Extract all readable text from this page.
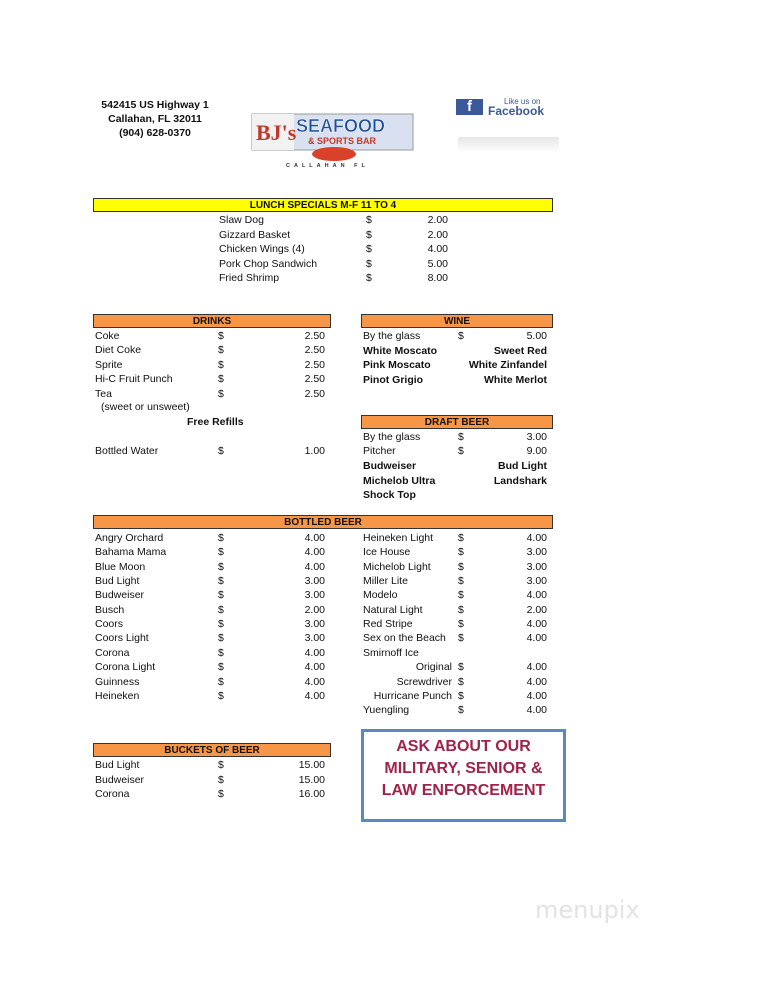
542415 US Highway 1
Callahan, FL 32011
(904) 628-0370	BJ's SEAFOOD
& SPORTS BAR
CALLAHAN FL
f	Like us on
Facebook
LUNCH SPECIALS M-F 11 TO 4
Slaw Dog	$	2.00
Gizzard Basket	$	2.00
Chicken Wings (4)	$	4.00
Pork Chop Sandwich	$	5.00
Fried Shrimp	$	8.00
DRINKS
Coke	$	2.50
Diet Coke	$	2.50
Sprite	$	2.50
Hi-C Fruit Punch	$	2.50
Tea	$	2.50
(sweet or unsweet)
Free Refills
Bottled Water	$	1.00
WINE
By the glass	$	5.00
White Moscato	Sweet Red
Pink Moscato	White Zinfandel
Pinot Grigio	White Merlot
DRAFT BEER
By the glass	$	3.00
Pitcher	$	9.00
Budweiser	Bud Light
Michelob Ultra	Landshark
Shock Top
BOTTLED BEER
Angry Orchard	$	4.00
Bahama Mama	$	4.00
Blue Moon	$	4.00
Bud Light	$	3.00
Budweiser	$	3.00
Busch	$	2.00
Coors	$	3.00
Coors Light	$	3.00
Corona	$	4.00
Corona Light	$	4.00
Guinness	$	4.00
Heineken	$	4.00
Heineken Light $	4.00
Ice House	$	3.00
Michelob Light	$	3.00
Miller Lite	$	3.00
Modelo	$	4.00
Natural Light	$	2.00
Red Stripe	$	4.00
Sex on the Beach $	4.00
Smirnoff Ice
Original $	4.00
Screwdriver $	4.00
Hurricane Punch $	4.00
Yuengling	$	4.00
BUCKETS OF BEER
Bud Light	$	15.00
Budweiser	$	15.00
Corona	$	16.00
ASK ABOUT OUR
MILITARY, SENIOR &
LAW ENFORCEMENT
menupix
